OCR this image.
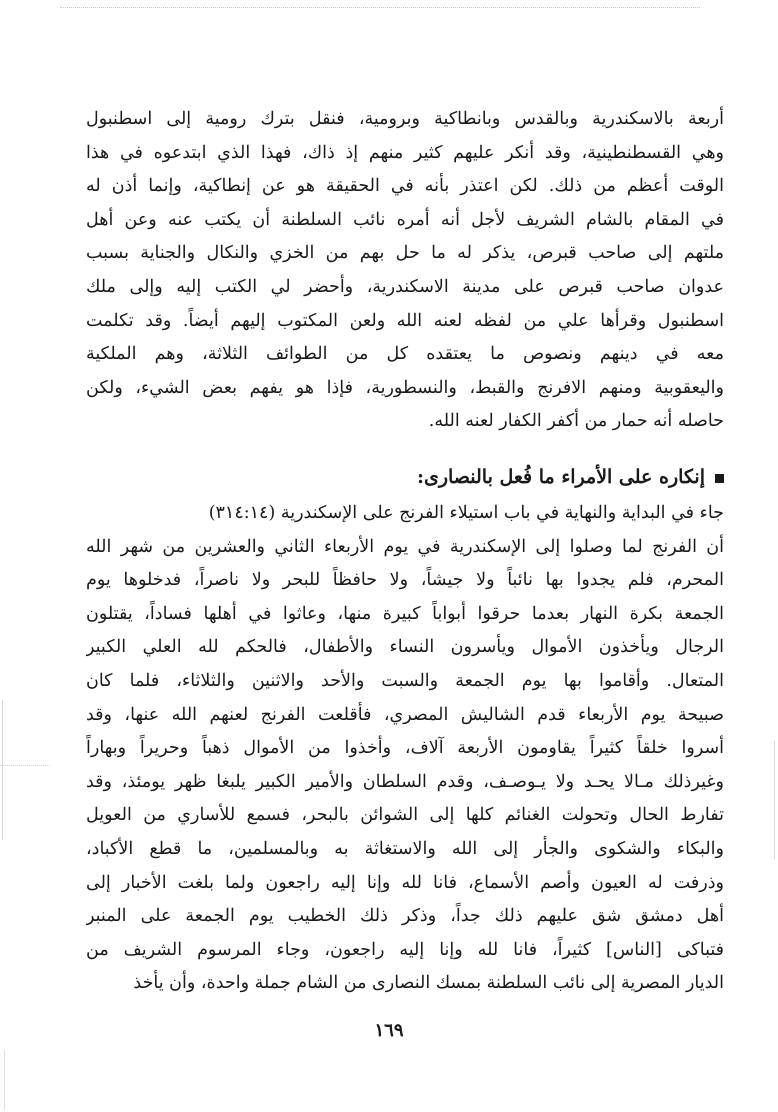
أربعة بالاسكندرية وبالقدس وبانطاكية وبرومية، فنقل بترك رومية إلى اسطنبول
وهي القسطنطينية، وقد أنكر عليهم كثير منهم إذ ذاك، فهذا الذي ابتدعوه في هذا
الوقت أعظم من ذلك. لكن اعتذر بأنه في الحقيقة هو عن إنطاكية، وإنما أذن له
في المقام بالشام الشريف لأجل أنه أمره نائب السلطنة أن يكتب عنه وعن أهل
ملتهم إلى صاحب قبرص، يذكر له ما حل بهم من الخزي والنكال والجناية بسبب
عدوان صاحب قبرص على مدينة الاسكندرية، وأحضر لي الكتب إليه وإلى ملك
اسطنبول وقرأها علي من لفظه لعنه الله ولعن المكتوب إليهم أيضاً. وقد تكلمت
معه في دينهم ونصوص ما يعتقده كل من الطوائف الثلاثة، وهم الملكية
واليعقوبية ومنهم الافرنج والقبط، والنسطورية، فإذا هو يفهم بعض الشيء، ولكن
حاصله أنه حمار من أكفر الكفار لعنه الله.
إنكاره على الأمراء ما فُعل بالنصارى:
جاء في البداية والنهاية في باب استيلاء الفرنج على الإسكندرية (٣١٤:١٤)
أن الفرنج لما وصلوا إلى الإسكندرية في يوم الأربعاء الثاني والعشرين من شهر الله
المحرم، فلم يجدوا بها نائباً ولا جيشاً، ولا حافظاً للبحر ولا ناصراً، فدخلوها يوم
الجمعة بكرة النهار بعدما حرقوا أبواباً كبيرة منها، وعاثوا في أهلها فساداً، يقتلون
الرجال ويأخذون الأموال ويأسرون النساء والأطفال، فالحكم لله العلي الكبير
المتعال. وأقاموا بها يوم الجمعة والسبت والأحد والاثنين والثلاثاء، فلما كان
صبيحة يوم الأربعاء قدم الشاليش المصري، فأقلعت الفرنج لعنهم الله عنها، وقد
أسروا خلقاً كثيراً يقاومون الأربعة آلاف، وأخذوا من الأموال ذهباً وحريراً وبهاراً
وغيرذلك مـالا يحـد ولا يـوصـف، وقدم السلطان والأمير الكبير يلبغا ظهر يومئذ، وقد
تفارط الحال وتحولت الغنائم كلها إلى الشوائن بالبحر، فسمع للأساري من العويل
والبكاء والشكوى والجأر إلى الله والاستغاثة به وبالمسلمين، ما قطع الأكباد،
وذرفت له العيون وأصم الأسماع، فانا لله وإنا إليه راجعون ولما بلغت الأخبار إلى
أهل دمشق شق عليهم ذلك جداً، وذكر ذلك الخطيب يوم الجمعة على المنبر
فتباكى [الناس] كثيراً، فانا لله وإنا إليه راجعون، وجاء المرسوم الشريف من
الديار المصرية إلى نائب السلطنة بمسك النصارى من الشام جملة واحدة، وأن يأخذ
١٦٩
